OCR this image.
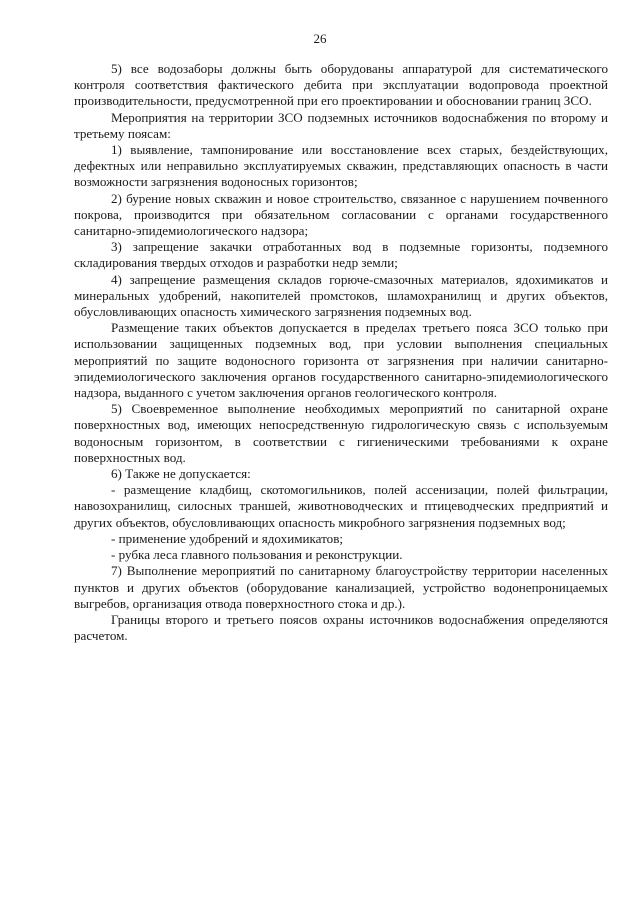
26

5) все водозаборы должны быть оборудованы аппаратурой для систематического контроля соответствия фактического дебита при эксплуатации водопровода проектной производительности, предусмотренной при его проектировании и обосновании границ ЗСО.

Мероприятия на территории ЗСО подземных источников водоснабжения по второму и третьему поясам:

1) выявление, тампонирование или восстановление всех старых, бездействующих, дефектных или неправильно эксплуатируемых скважин, представляющих опасность в части возможности загрязнения водоносных горизонтов;

2) бурение новых скважин и новое строительство, связанное с нарушением почвенного покрова, производится при обязательном согласовании с органами государственного санитарно-эпидемиологического надзора;

3) запрещение закачки отработанных вод в подземные горизонты, подземного складирования твердых отходов и разработки недр земли;

4) запрещение размещения складов горюче-смазочных материалов, ядохимикатов и минеральных удобрений, накопителей промстоков, шламохранилищ и других объектов, обусловливающих опасность химического загрязнения подземных вод.

Размещение таких объектов допускается в пределах третьего пояса ЗСО только при использовании защищенных подземных вод, при условии выполнения специальных мероприятий по защите водоносного горизонта от загрязнения при наличии санитарно-эпидемиологического заключения органов государственного санитарно-эпидемиологического надзора, выданного с учетом заключения органов геологического контроля.

5) Своевременное выполнение необходимых мероприятий по санитарной охране поверхностных вод, имеющих непосредственную гидрологическую связь с используемым водоносным горизонтом, в соответствии с гигиеническими требованиями к охране поверхностных вод.

6) Также не допускается:

- размещение кладбищ, скотомогильников, полей ассенизации, полей фильтрации, навозохранилищ, силосных траншей, животноводческих и птицеводческих предприятий и других объектов, обусловливающих опасность микробного загрязнения подземных вод;

- применение удобрений и ядохимикатов;

- рубка леса главного пользования и реконструкции.

7) Выполнение мероприятий по санитарному благоустройству территории населенных пунктов и других объектов (оборудование канализацией, устройство водонепроницаемых выгребов, организация отвода поверхностного стока и др.).

Границы второго и третьего поясов охраны источников водоснабжения определяются расчетом.
